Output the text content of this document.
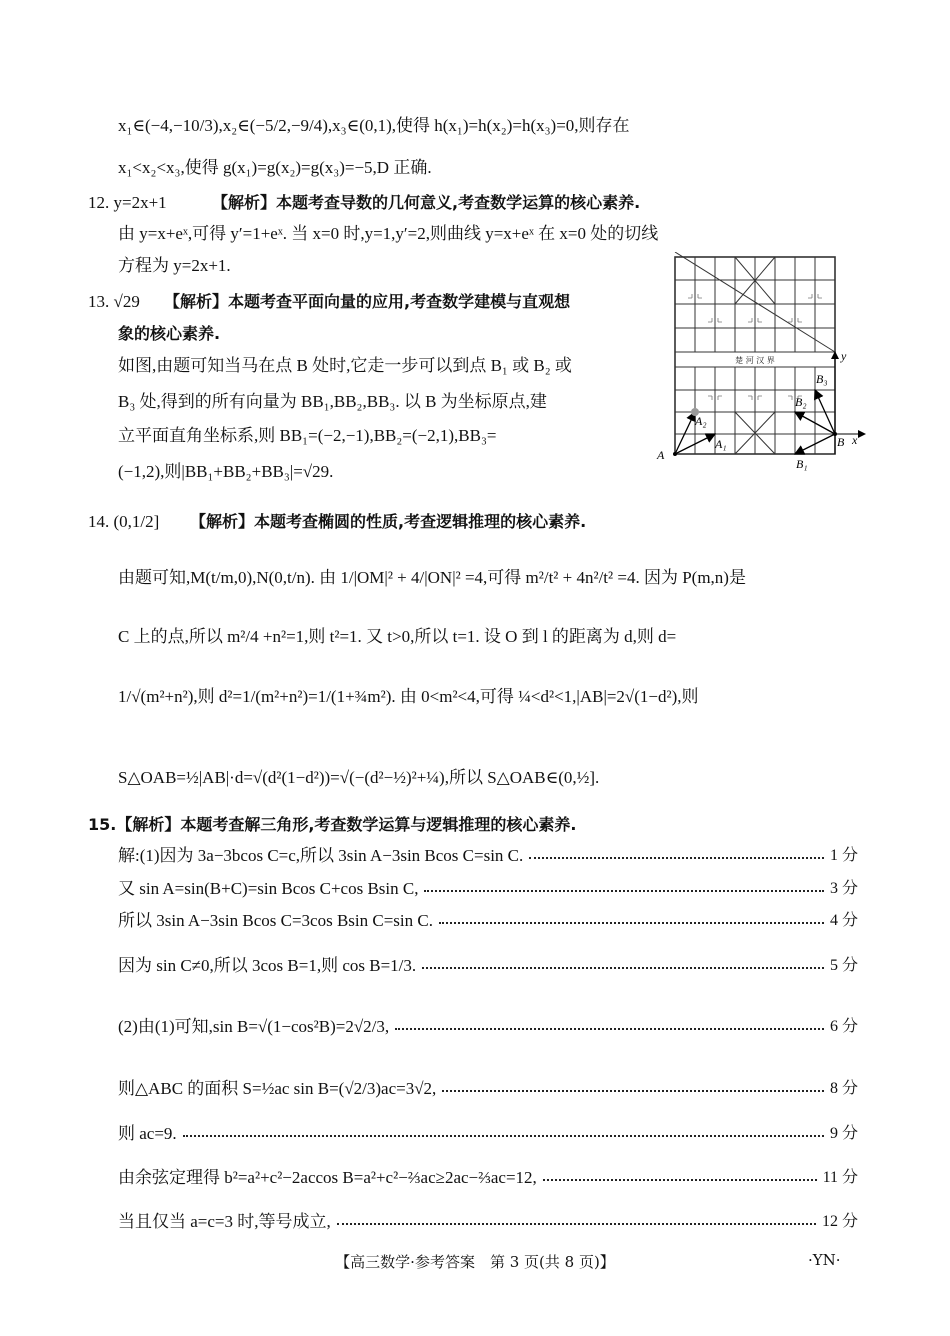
x₁∈(−4,−10/3),x₂∈(−5/2,−9/4),x₃∈(0,1),使得 h(x₁)=h(x₂)=h(x₃)=0,则存在
x₁<x₂<x₃,使得 g(x₁)=g(x₂)=g(x₃)=−5,D 正确.
12. y=2x+1	【解析】本题考查导数的几何意义,考查数学运算的核心素养.
由 y=x+eˣ,可得 y′=1+eˣ. 当 x=0 时,y=1,y′=2,则曲线 y=x+eˣ 在 x=0 处的切线
方程为 y=2x+1.
13. √29 【解析】本题考查平面向量的应用,考查数学建模与直观想
象的核心素养.
如图,由题可知当马在点 B 处时,它走一步可以到点 B₁ 或 B₂ 或
B₃ 处,得到的所有向量为 BB₁,BB₂,BB₃. 以 B 为坐标原点,建
立平面直角坐标系,则 BB₁=(−2,−1),BB₂=(−2,1),BB₃=
(−1,2),则|BB₁+BB₂+BB₃|=√29.
14. (0,1/2] 【解析】本题考查椭圆的性质,考查逻辑推理的核心素养.
由题可知,M(t/m,0),N(0,t/n). 由 1/|OM|² + 4/|ON|² =4,可得 m²/t² + 4n²/t² =4. 因为 P(m,n)是
C 上的点,所以 m²/4 +n²=1,则 t²=1. 又 t>0,所以 t=1. 设 O 到 l 的距离为 d,则 d=
1/√(m²+n²),则 d²=1/(m²+n²)=1/(1+¾m²). 由 0<m²<4,可得 ¼<d²<1,|AB|=2√(1−d²),则
S△OAB=½|AB|·d=√(d²(1−d²))=√(−(d²−½)²+¼),所以 S△OAB∈(0,½].
15.【解析】本题考查解三角形,考查数学运算与逻辑推理的核心素养.
解:(1)因为 3a−3bcos C=c,所以 3sin A−3sin Bcos C=sin C.	1 分
又 sin A=sin(B+C)=sin Bcos C+cos Bsin C,	3 分
所以 3sin A−3sin Bcos C=3cos Bsin C=sin C.	4 分
因为 sin C≠0,所以 3cos B=1,则 cos B=1/3.	5 分
(2)由(1)可知,sin B=√(1−cos²B)=2√2/3,	6 分
则△ABC 的面积 S=½ac sin B=(√2/3)ac=3√2,	8 分
则 ac=9.	9 分
由余弦定理得 b²=a²+c²−2accos B=a²+c²−⅔ac≥2ac−⅔ac=12,	11 分
当且仅当 a=c=3 时,等号成立,	12 分
楚 河 汉 界
A
A₁
A₂
B
B₁
B₂
B₃
x
y
【高三数学·参考答案　第 3 页(共 8 页)】	·YN·
